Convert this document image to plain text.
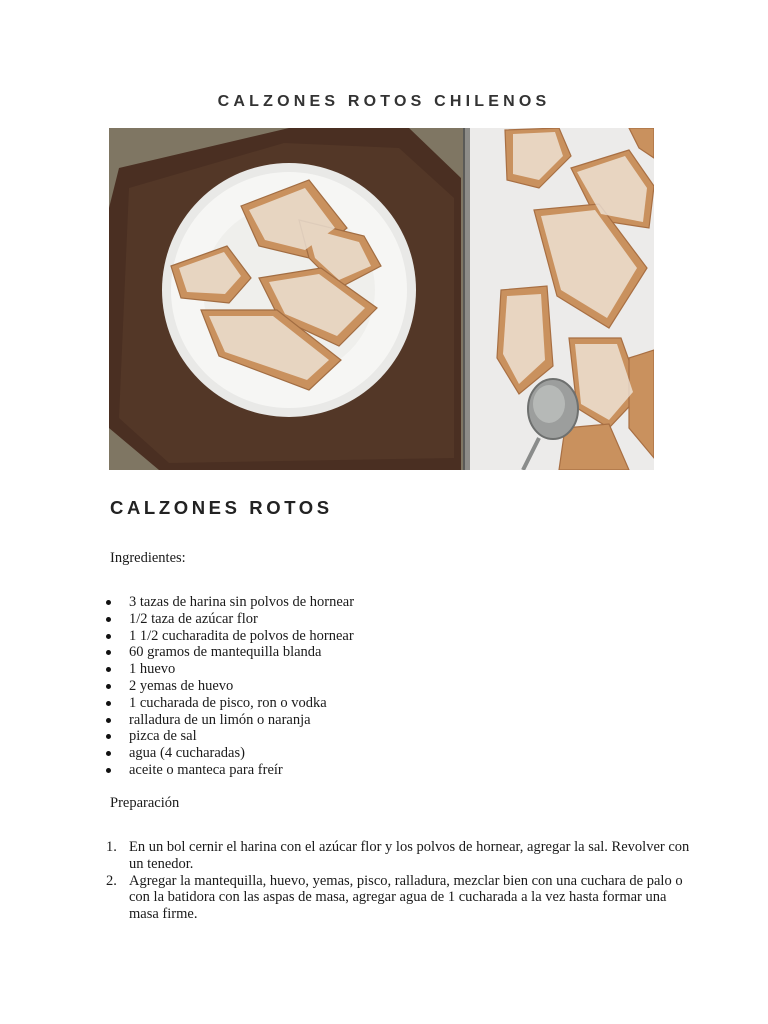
CALZONES ROTOS CHILENOS
CALZONES ROTOS
Ingredientes:
3 tazas de harina sin polvos de hornear
1/2 taza de azúcar flor
1 1/2 cucharadita de polvos de hornear
60 gramos de mantequilla blanda
1 huevo
2 yemas de huevo
1 cucharada de pisco, ron o vodka
ralladura de un limón o naranja
pizca de sal
agua (4 cucharadas)
aceite o manteca para freír
Preparación
1. En un bol cernir el harina con el azúcar flor y los polvos de hornear, agregar la sal. Revolver con un tenedor.
2. Agregar la mantequilla, huevo, yemas, pisco, ralladura, mezclar bien con una cuchara de palo o con la batidora con las aspas de masa, agregar agua de 1 cucharada a la vez hasta formar una masa firme.
